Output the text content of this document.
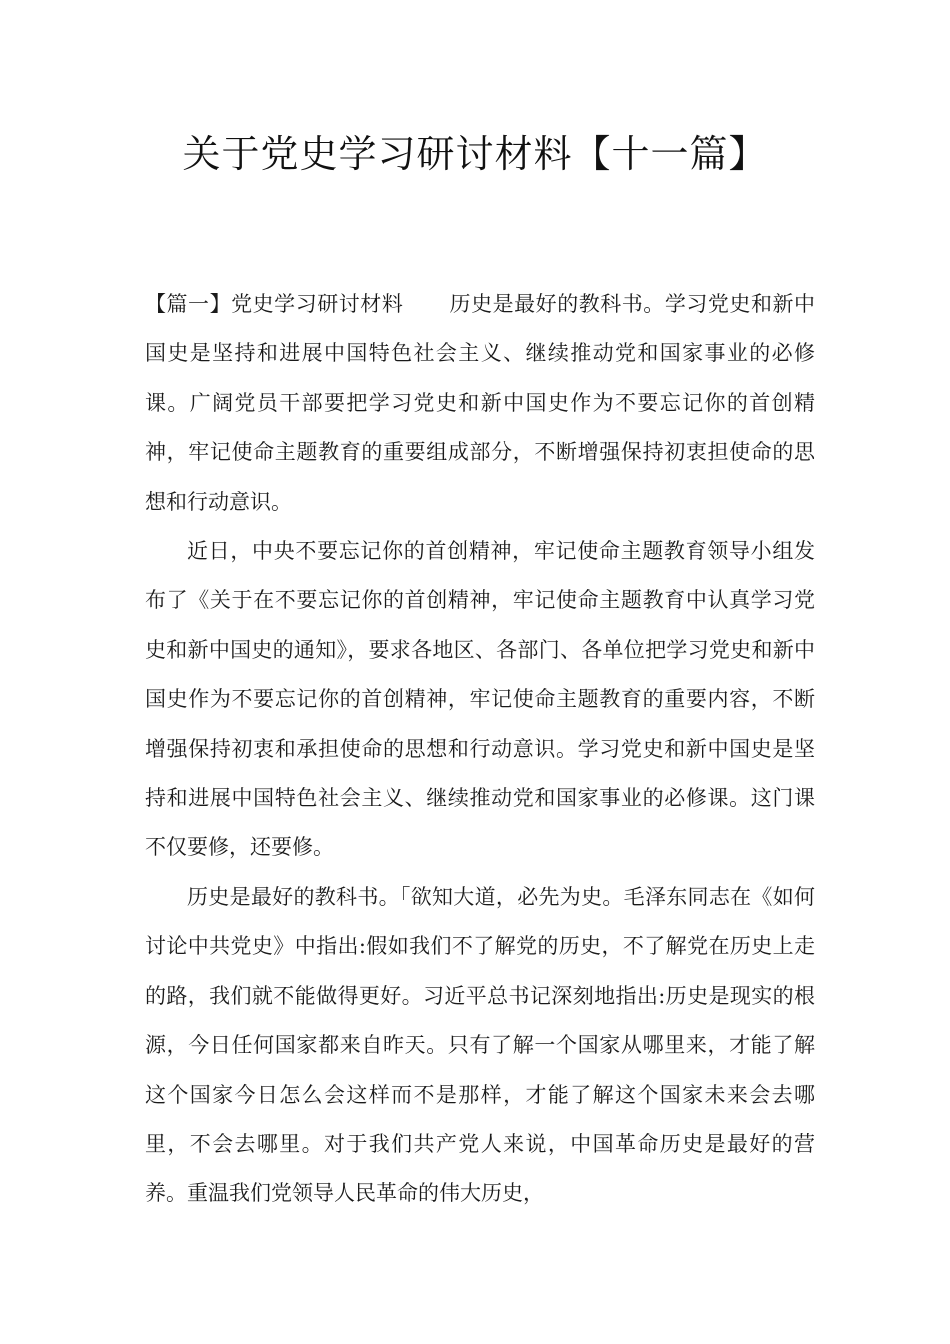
关于党史学习研讨材料【十一篇】

【篇一】党史学习研讨材料 历史是最好的教科书。学习党史和新中国史是坚持和进展中国特色社会主义、继续推动党和国家事业的必修课。广阔党员干部要把学习党史和新中国史作为不要忘记你的首创精神，牢记使命主题教育的重要组成部分，不断增强保持初衷担使命的思想和行动意识。

近日，中央不要忘记你的首创精神，牢记使命主题教育领导小组发布了《关于在不要忘记你的首创精神，牢记使命主题教育中认真学习党史和新中国史的通知》，要求各地区、各部门、各单位把学习党史和新中国史作为不要忘记你的首创精神，牢记使命主题教育的重要内容，不断增强保持初衷和承担使命的思想和行动意识。学习党史和新中国史是坚持和进展中国特色社会主义、继续推动党和国家事业的必修课。这门课不仅要修，还要修。

历史是最好的教科书。「欲知大道，必先为史。毛泽东同志在《如何讨论中共党史》中指出:假如我们不了解党的历史，不了解党在历史上走的路，我们就不能做得更好。习近平总书记深刻地指出:历史是现实的根源，今日任何国家都来自昨天。只有了解一个国家从哪里来，才能了解这个国家今日怎么会这样而不是那样，才能了解这个国家未来会去哪里，不会去哪里。对于我们共产党人来说，中国革命历史是最好的营养。重温我们党领导人民革命的伟大历史，
